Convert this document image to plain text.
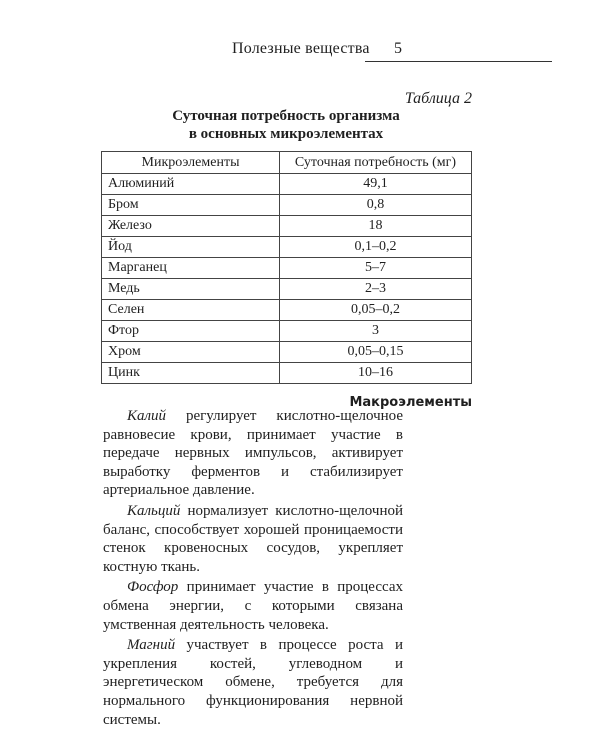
Полезные вещества 5
Таблица 2
Суточная потребность организма
в основных микроэлементах
Микроэлементы	Суточная потребность (мг)
Алюминий	49,1
Бром	0,8
Железо	18
Йод	0,1–0,2
Марганец	5–7
Медь	2–3
Селен	0,05–0,2
Фтор	3
Хром	0,05–0,15
Цинк	10–16
Макроэлементы

Калий регулирует кислотно-щелочное равновесие крови, принимает участие в передаче нервных импульсов, активирует выработку ферментов и стабилизирует артериальное давление.

Кальций нормализует кислотно-щелочной баланс, способствует хорошей проницаемости стенок кровеносных сосудов, укрепляет костную ткань.

Фосфор принимает участие в процессах обмена энергии, с которыми связана умственная деятельность человека.

Магний участвует в процессе роста и укрепления костей, углеводном и энергетическом обмене, требуется для нормального функционирования нервной системы.
